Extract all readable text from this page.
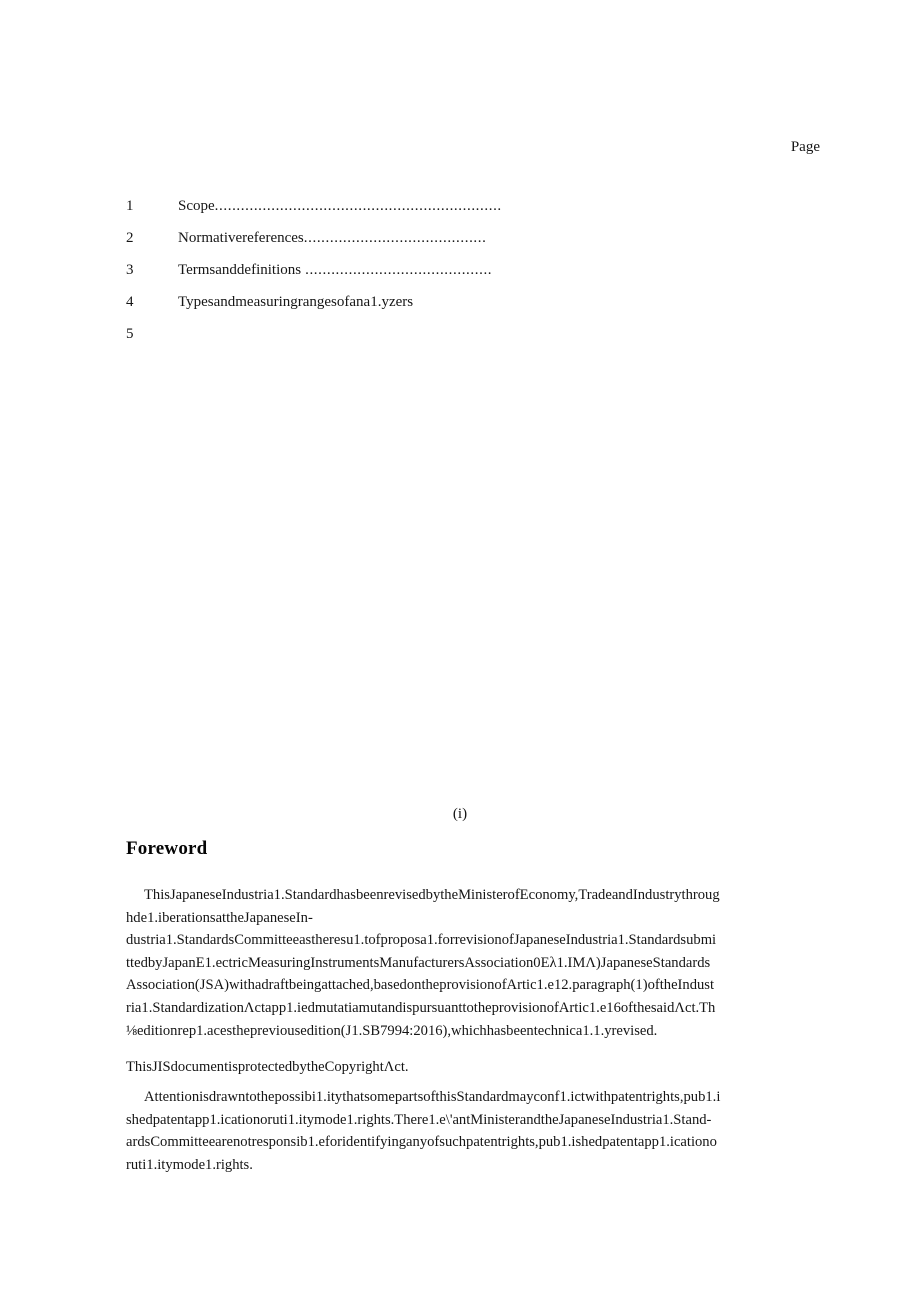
Page
1	Scope ..................................................................
2	Normativereferences ..........................................
3	Termsanddefinitions ...........................................
4	Typesandmeasuringrangesofana1.yzers
5
(i)
Foreword
ThisJapaneseIndustria1.StandardhasbeenrevisedbytheMinisterofEconomy,TradeandIndustrythroug
hde1.iberationsattheJapaneseIn-
dustria1.StandardsCommitteeastheresu1.tofproposa1.forrevisionofJapaneseIndustria1.Standardsubmi
ttedbyJapanE1.ectricMeasuringInstrumentsManufacturersAssociation0Eλ1.IMΛ)JapaneseStandards
Association(JSA)withadraftbeingattached,basedontheprovisionofArtic1.e12.paragraph(1)oftheIndust
ria1.StandardizationΛctapp1.iedmutatiamutandispursuanttotheprovisionofArtic1.e16ofthesaidΛct.Th
⅛editionrep1.acesthepreviousedition(J1.SB7994:2016),whichhasbeentechnica1.1.yrevised.
ThisJISdocumentisprotectedbytheCopyrightΛct.
Attentionisdrawntothepossibi1.itythatsomepartsofthisStandardmayconf1.ictwithpatentrights,pub1.i
shedpatentapp1.icationoruti1.itymode1.rights.There1.e\'antMinisterandtheJapaneseIndustria1.Stand-
ardsCommitteearenotresponsib1.eforidentifyinganyofsuchpatentrights,pub1.ishedpatentapp1.icationo
ruti1.itymode1.rights.
